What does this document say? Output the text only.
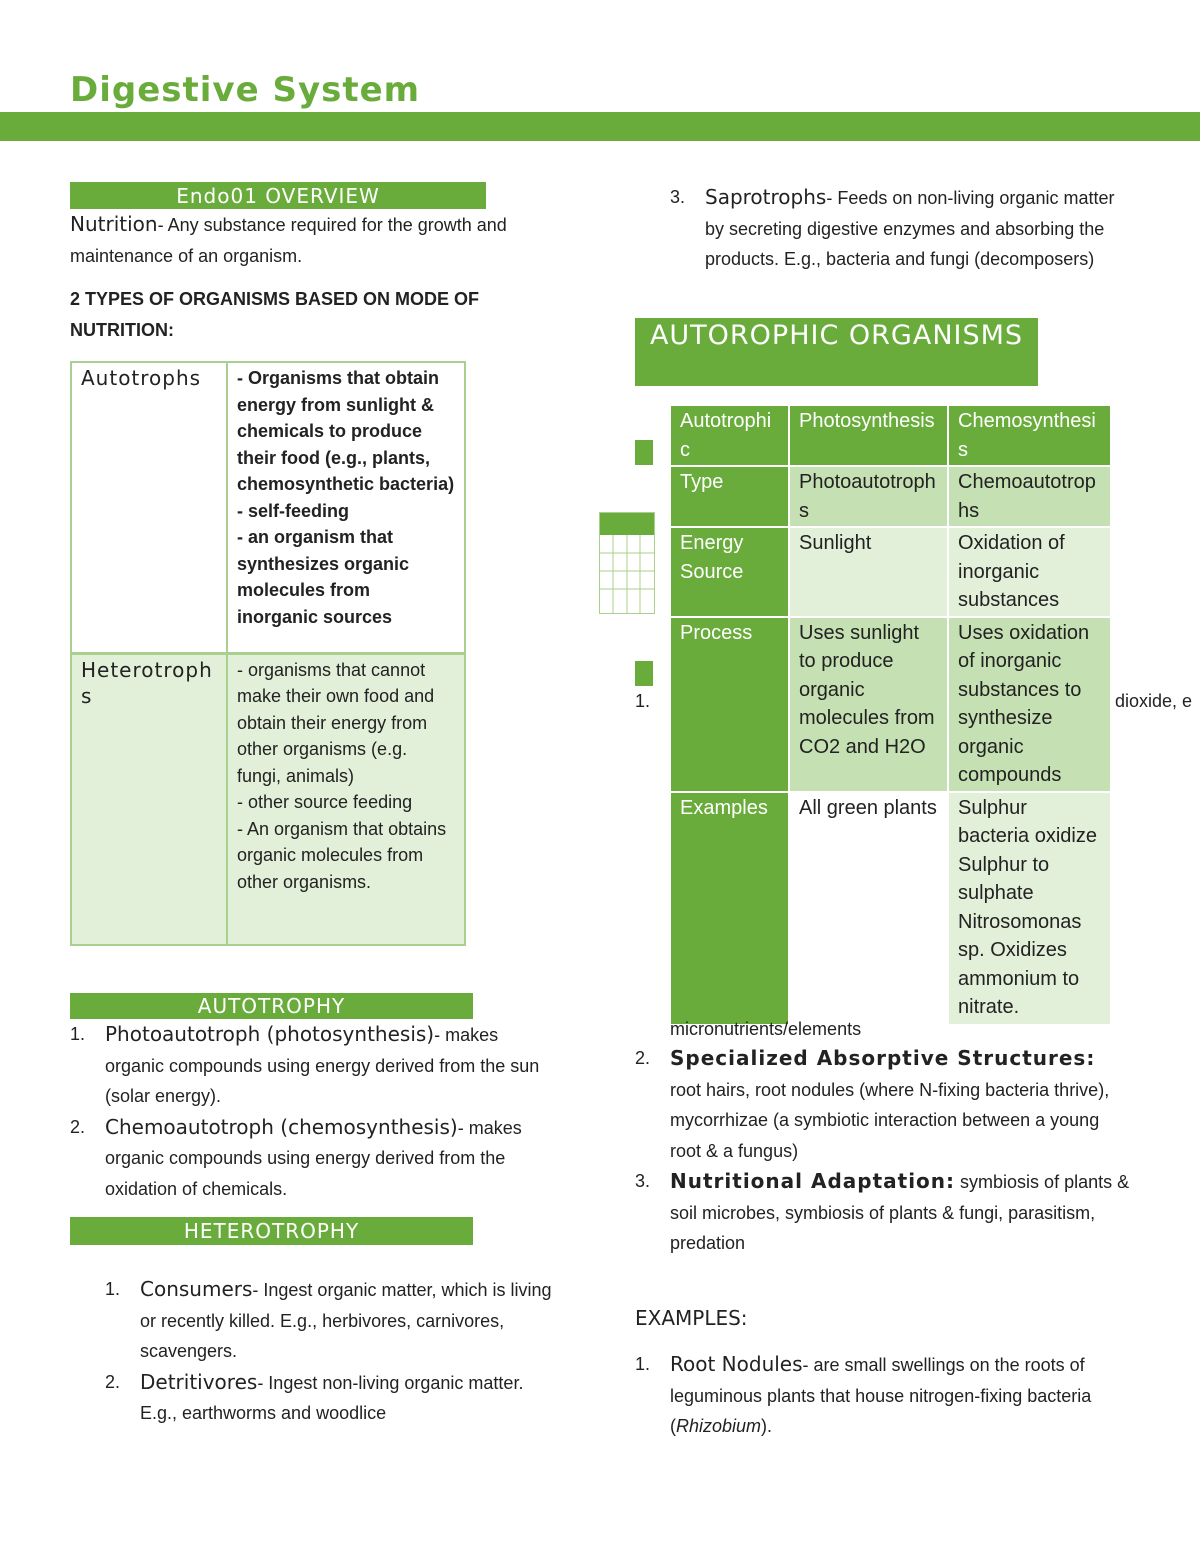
Digestive System
Endo01 OVERVIEW
Nutrition- Any substance required for the growth and maintenance of an organism.
2 TYPES OF ORGANISMS BASED ON MODE OF NUTRITION:
Autotrophs	- Organisms that obtain energy from sunlight & chemicals to produce their food (e.g., plants, chemosynthetic bacteria)
- self-feeding
- an organism that synthesizes organic molecules from inorganic sources

Heterotrophs	- organisms that cannot make their own food and obtain their energy from other organisms (e.g. fungi, animals)
- other source feeding
- An organism that obtains organic molecules from other organisms.
AUTOTROPHY
1. Photoautotroph (photosynthesis)- makes organic compounds using energy derived from the sun (solar energy).
2. Chemoautotroph (chemosynthesis)- makes organic compounds using energy derived from the oxidation of chemicals.
HETEROTROPHY
1. Consumers- Ingest organic matter, which is living or recently killed. E.g., herbivores, carnivores, scavengers.
2. Detritivores- Ingest non-living organic matter. E.g., earthworms and woodlice
3. Saprotrophs- Feeds on non-living organic matter by secreting digestive enzymes and absorbing the products. E.g., bacteria and fungi (decomposers)
AUTOROPHIC ORGANISMS
1.	dioxide, e
Autotrophic	Photosynthesis	Chemosynthesis
Type	Photoautotrophs	Chemoautotrophs
Energy Source	Sunlight	Oxidation of inorganic substances
Process	Uses sunlight to produce organic molecules from CO2 and H2O	Uses oxidation of inorganic substances to synthesize organic compounds
Examples	All green plants	Sulphur bacteria oxidize Sulphur to sulphate Nitrosomonas sp. Oxidizes ammonium to nitrate.
micronutrients/elements
2. Specialized Absorptive Structures:
root hairs, root nodules (where N-fixing bacteria thrive), mycorrhizae (a symbiotic interaction between a young root & a fungus)
3. Nutritional Adaptation: symbiosis of plants & soil microbes, symbiosis of plants & fungi, parasitism, predation
EXAMPLES:
1. Root Nodules- are small swellings on the roots of leguminous plants that house nitrogen-fixing bacteria (Rhizobium).
